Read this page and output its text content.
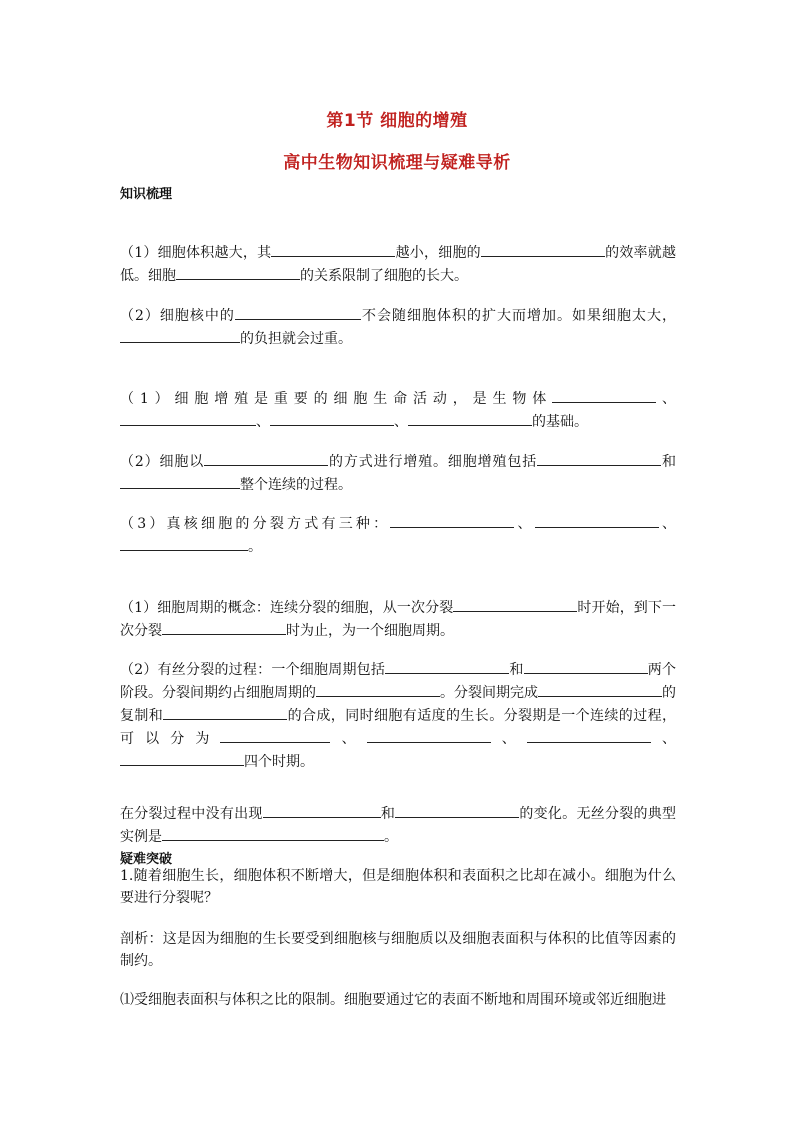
第1节 细胞的增殖
高中生物知识梳理与疑难导析
知识梳理
（1）细胞体积越大，其	越小，细胞的	的效率就越低。细胞	的关系限制了细胞的长大。
（2）细胞核中的	不会随细胞体积的扩大而增加。如果细胞太大，的负担就会过重。
（1）细胞增殖是重要的细胞生命活动，是生物体	、、	、	的基础。
（2）细胞以	的方式进行增殖。细胞增殖包括	和整个连续的过程。
（3）真核细胞的分裂方式有三种：	、	、。
（1）细胞周期的概念：连续分裂的细胞，从一次分裂	时开始，到下一次分裂	时为止，为一个细胞周期。
（2）有丝分裂的过程：一个细胞周期包括	和	两个阶段。分裂间期约占细胞周期的	。分裂间期完成	的复制和	的合成，同时细胞有适度的生长。分裂期是一个连续的过程，可以分为	、	、	、四个时期。
在分裂过程中没有出现	和	的变化。无丝分裂的典型实例是	。
疑难突破
1.随着细胞生长，细胞体积不断增大，但是细胞体积和表面积之比却在减小。细胞为什么要进行分裂呢？
剖析：这是因为细胞的生长要受到细胞核与细胞质以及细胞表面积与体积的比值等因素的制约。
⑴受细胞表面积与体积之比的限制。细胞要通过它的表面不断地和周围环境或邻近细胞进
